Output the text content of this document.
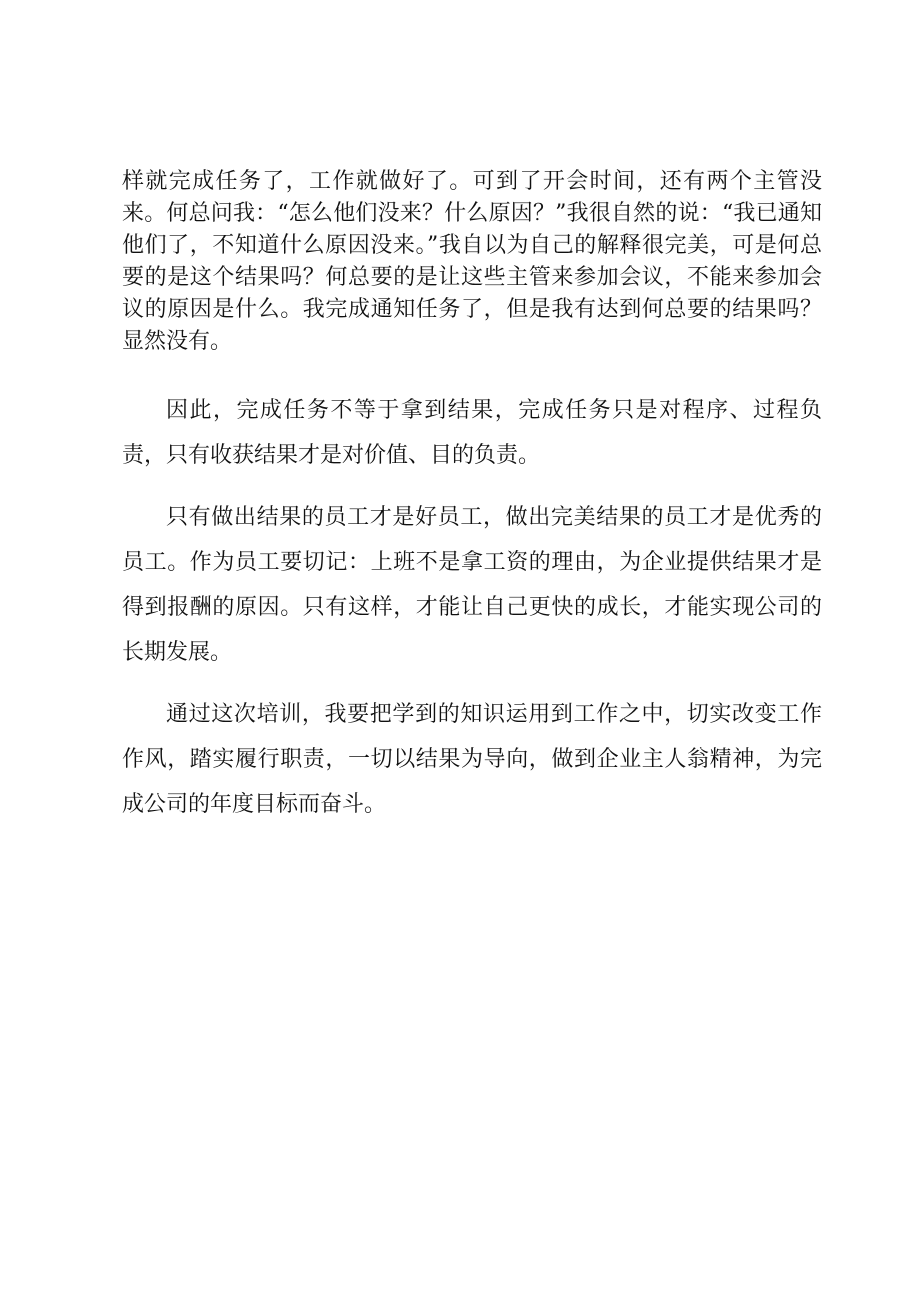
样就完成任务了，工作就做好了。可到了开会时间，还有两个主管没来。何总问我：“怎么他们没来？什么原因？”我很自然的说：“我已通知他们了，不知道什么原因没来。”我自以为自己的解释很完美，可是何总要的是这个结果吗？何总要的是让这些主管来参加会议，不能来参加会议的原因是什么。我完成通知任务了，但是我有达到何总要的结果吗？显然没有。

因此，完成任务不等于拿到结果，完成任务只是对程序、过程负责，只有收获结果才是对价值、目的负责。

只有做出结果的员工才是好员工，做出完美结果的员工才是优秀的员工。作为员工要切记：上班不是拿工资的理由，为企业提供结果才是得到报酬的原因。只有这样，才能让自己更快的成长，才能实现公司的长期发展。

通过这次培训，我要把学到的知识运用到工作之中，切实改变工作作风，踏实履行职责，一切以结果为导向，做到企业主人翁精神，为完成公司的年度目标而奋斗。
